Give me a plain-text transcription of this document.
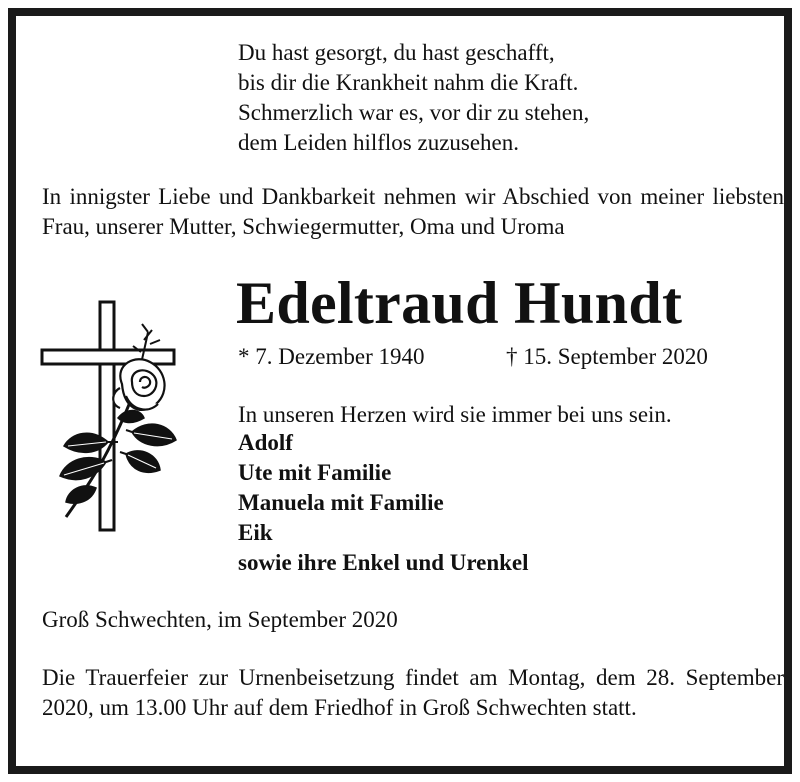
Du hast gesorgt, du hast geschafft,
bis dir die Krankheit nahm die Kraft.
Schmerzlich war es, vor dir zu stehen,
dem Leiden hilflos zuzusehen.
In innigster Liebe und Dankbarkeit nehmen wir Abschied von meiner liebsten Frau, unserer Mutter, Schwiegermutter, Oma und Uroma
Edeltraud Hundt
* 7. Dezember 1940	† 15. September 2020
In unseren Herzen wird sie immer bei uns sein.
Adolf
Ute mit Familie
Manuela mit Familie
Eik
sowie ihre Enkel und Urenkel
Groß Schwechten, im September 2020
Die Trauerfeier zur Urnenbeisetzung findet am Montag, dem 28. September 2020, um 13.00 Uhr auf dem Friedhof in Groß Schwechten statt.
